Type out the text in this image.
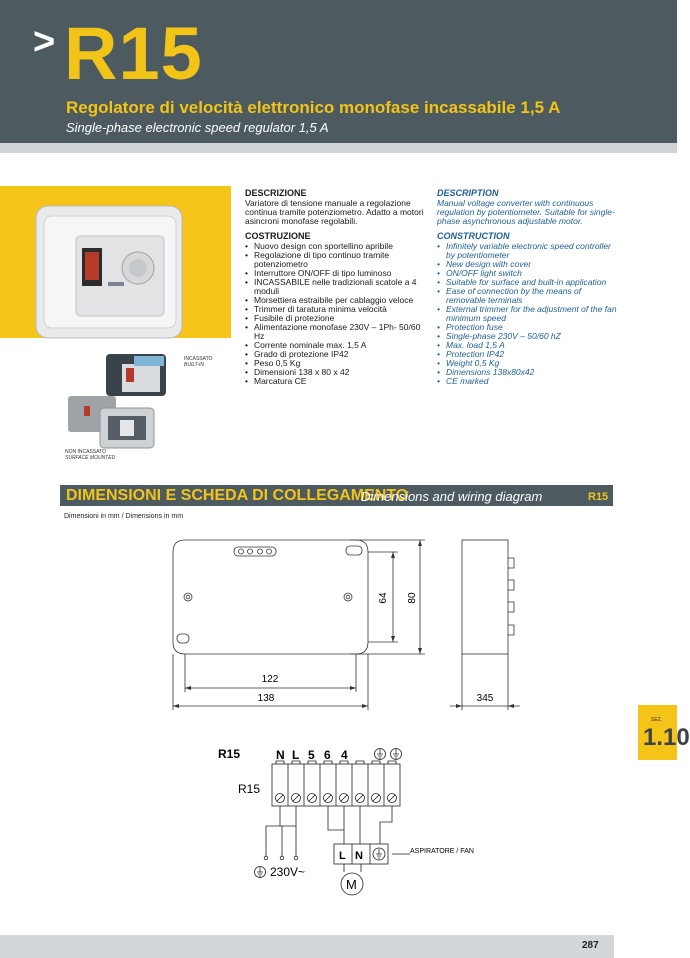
> R15
Regolatore di velocità elettronico monofase incassabile 1,5 A
Single-phase electronic speed regulator 1,5 A
INCASSATO
BUILT-IN
NON INCASSATO
SURFACE MOUNTED
DESCRIZIONE

Variatore di tensione manuale a regolazione continua tramite potenziometro. Adatto a motori asincroni monofase regolabili.

COSTRUZIONE
• Nuovo design con sportellino apribile
• Regolazione di tipo continuo tramite potenziometro
• Interruttore ON/OFF di tipo luminoso
• INCASSABILE nelle tradizionali scatole a 4 moduli
• Morsettiera estraibile per cablaggio veloce
• Trimmer di taratura minima velocità
• Fusibile di protezione
• Alimentazione monofase 230V – 1Ph- 50/60 Hz
• Corrente nominale max. 1,5 A
• Grado di protezione IP42
• Peso 0,5 Kg
• Dimensioni 138 x 80 x 42
• Marcatura CE
DESCRIPTION

Manual voltage converter with continuous regulation by potentiometer. Suitable for single-phase asynchronous adjustable motor.

CONSTRUCTION
• Infinitely variable electronic speed controller by potentiometer
• New design with cover
• ON/OFF light switch
• Suitable for surface and built-in application
• Ease of connection by the means of removable terminals
• External trimmer for the adjustment of the fan minimum speed
• Protection fuse
• Single-phase 230V – 50/60 hZ
• Max. load 1,5 A
• Protection IP42
• Weight 0,5 Kg
• Dimensions 138x80x42
• CE marked
DIMENSIONI E SCHEDA DI COLLEGAMENTO
Dimensions and wiring diagram	R15
Dimensioni in mm / Dimensions in mm
64 80
122
138	345
R15
R15
N L 5 6 4
L N
M
230V~
ASPIRATORE / FAN
SEZ.
1.10
287
